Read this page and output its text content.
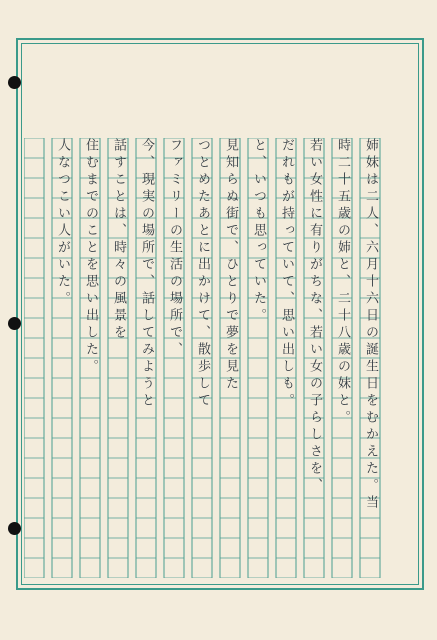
姉妹は二人、六月十六日の誕生日をむかえた。当
時二十五歳の姉と、二十八歳の妹と。
若い女性に有りがちな、若い女の子らしさを、
だれもが持っていて、思い出しも。
と、いつも思っていた。
見知らぬ街で、ひとりで夢を見た
つとめたあとに出かけて、散歩して
ファミリーの生活の場所で、
今、現実の場所で、話してみようと
話すことは、時々の風景を
住むまでのことを思い出した。
人なつこい人がいた。
